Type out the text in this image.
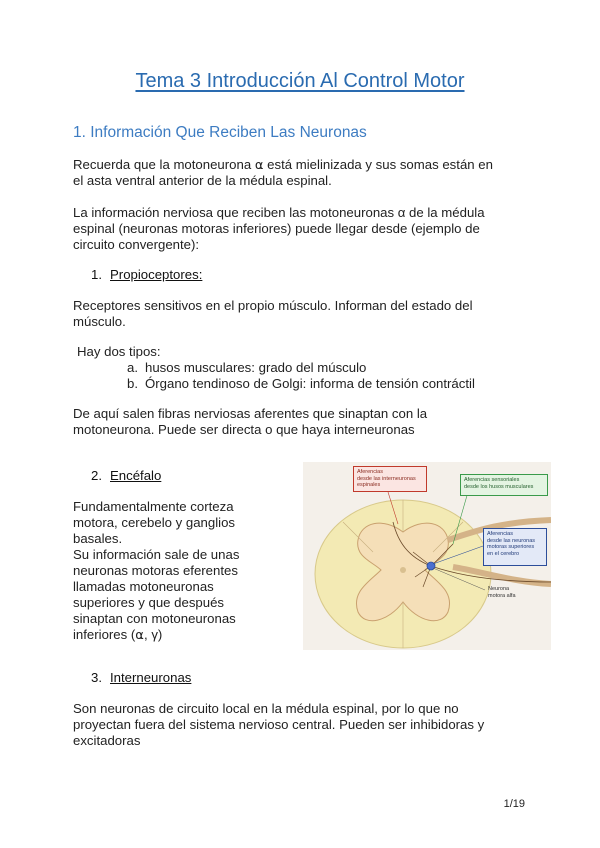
Tema 3 Introducción Al Control Motor
1. Información Que Reciben Las Neuronas
Recuerda que la motoneurona ⍺ está mielinizada y sus somas están en
el asta ventral anterior de la médula espinal.
La información nerviosa que reciben las motoneuronas α de la médula
espinal (neuronas motoras inferiores) puede llegar desde (ejemplo de
circuito convergente):
1. Propioceptores:
Receptores sensitivos en el propio músculo. Informan del estado del
músculo.
Hay dos tipos:
a. husos musculares: grado del músculo
b. Órgano tendinoso de Golgi: informa de tensión contráctil
De aquí salen fibras nerviosas aferentes que sinaptan con la
motoneurona. Puede ser directa o que haya interneuronas
2. Encéfalo
Fundamentalmente corteza
motora, cerebelo y ganglios
basales.
Su información sale de unas
neuronas motoras eferentes
llamadas motoneuronas
superiores y que después
sinaptan con motoneuronas
inferiores (⍺, γ)
Aferencias
desde las interneuronas
espinales
Aferencias sensoriales
desde los husos musculares
Aferencias
desde las neuronas
motoras superiores
en el cerebro
Neurona
motora alfa
3. Interneuronas
Son neuronas de circuito local en la médula espinal, por lo que no
proyectan fuera del sistema nervioso central. Pueden ser inhibidoras y
excitadoras
1/19
